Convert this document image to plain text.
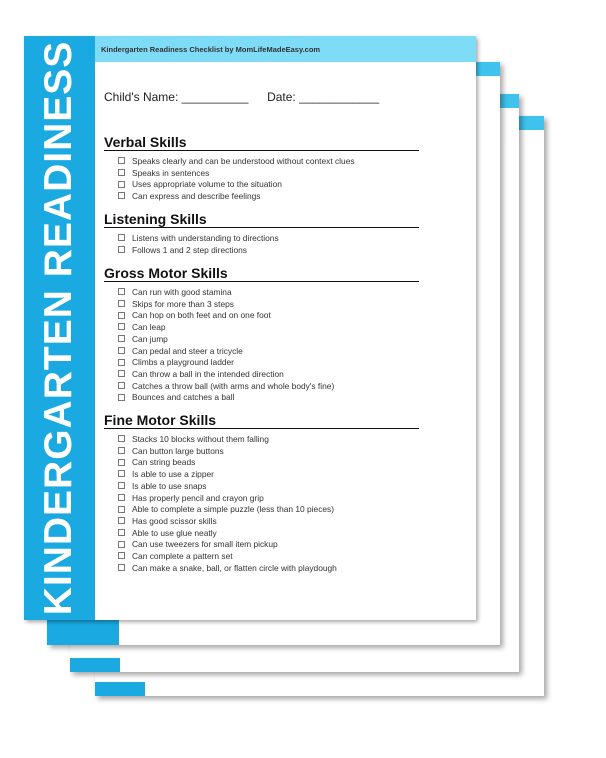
KINDERGARTEN READINESS	Kindergarten Readiness Checklist by MomLifeMadeEasy.com
Child's Name: __________ Date: ____________
Verbal Skills
Speaks clearly and can be understood without context clues
Speaks in sentences
Uses appropriate volume to the situation
Can express and describe feelings
Listening Skills
Listens with understanding to directions
Follows 1 and 2 step directions
Gross Motor Skills
Can run with good stamina
Skips for more than 3 steps
Can hop on both feet and on one foot
Can leap
Can jump
Can pedal and steer a tricycle
Climbs a playground ladder
Can throw a ball in the intended direction
Catches a throw ball (with arms and whole body's fine)
Bounces and catches a ball
Fine Motor Skills
Stacks 10 blocks without them falling
Can button large buttons
Can string beads
Is able to use a zipper
Is able to use snaps
Has properly pencil and crayon grip
Able to complete a simple puzzle (less than 10 pieces)
Has good scissor skills
Able to use glue neatly
Can use tweezers for small item pickup
Can complete a pattern set
Can make a snake, ball, or flatten circle with playdough
